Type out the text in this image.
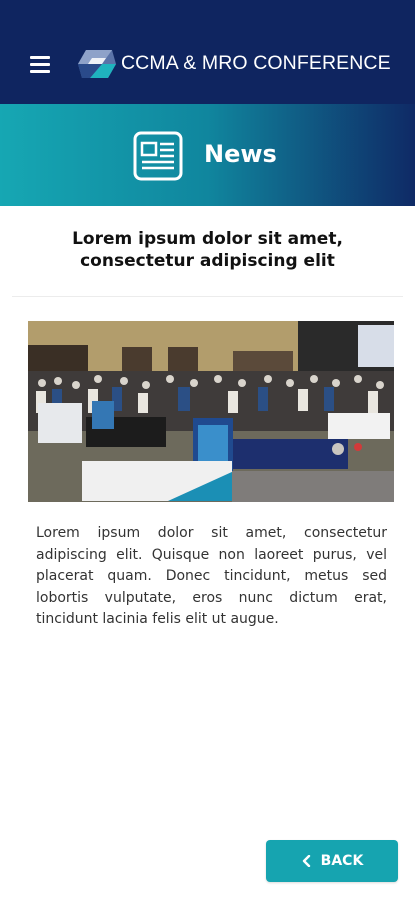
CCMA & MRO CONFERENCE
News
Lorem ipsum dolor sit amet, consectetur adipiscing elit
Lorem ipsum dolor sit amet, consectetur adipiscing elit. Quisque non laoreet purus, vel placerat quam. Donec tincidunt, metus sed lobortis vulputate, eros nunc dictum erat, tincidunt lacinia felis elit ut augue.
BACK
